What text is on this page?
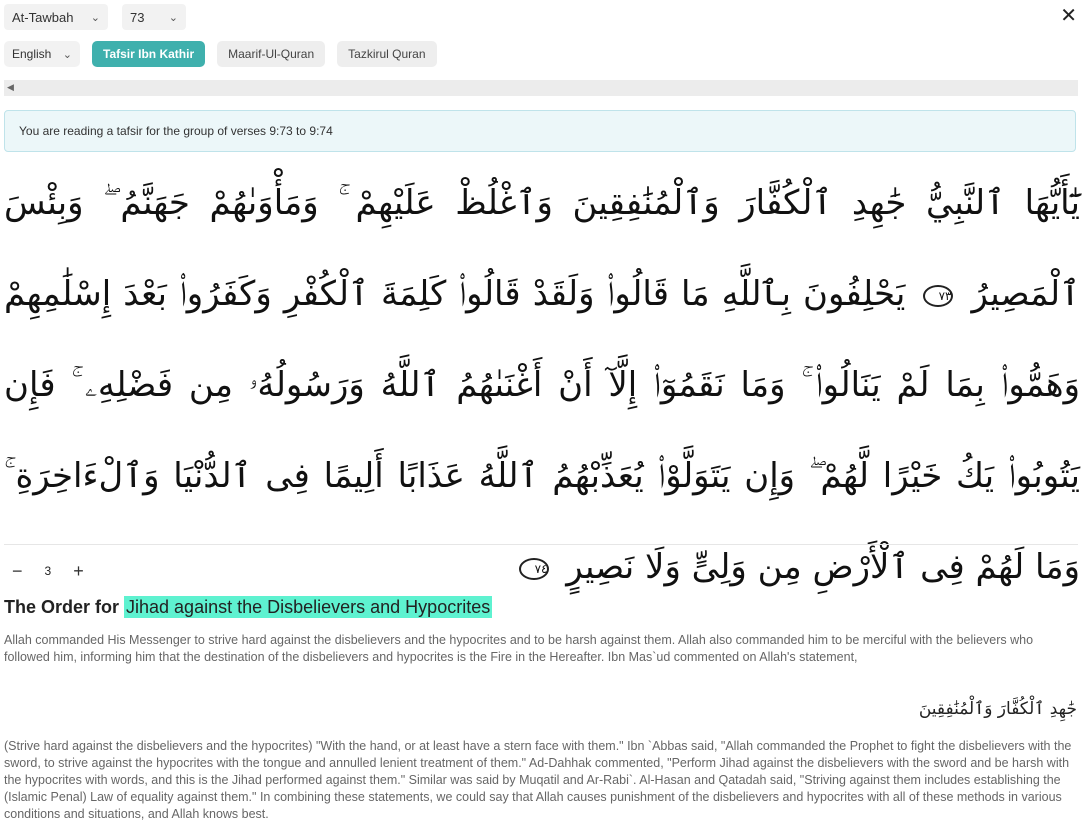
At-Tawbah ⌄ 73 ⌄	✕
English ⌄	Tafsir Ibn Kathir	Maarif-Ul-Quran	Tazkirul Quran
◀
You are reading a tafsir for the group of verses 9:73 to 9:74
يَٰٓأَيُّهَا ٱلنَّبِيُّ جَٰهِدِ ٱلْكُفَّارَ وَٱلْمُنَٰفِقِينَ وَٱغْلُظْ عَلَيْهِمْ ۚ وَمَأْوَىٰهُمْ جَهَنَّمُ ۖ وَبِئْسَ ٱلْمَصِيرُ ٧٣ يَحْلِفُونَ بِٱللَّهِ مَا قَالُوا۟ وَلَقَدْ قَالُوا۟ كَلِمَةَ ٱلْكُفْرِ وَكَفَرُوا۟ بَعْدَ إِسْلَٰمِهِمْ وَهَمُّوا۟ بِمَا لَمْ يَنَالُوا۟ ۚ وَمَا نَقَمُوٓا۟ إِلَّآ أَنْ أَغْنَىٰهُمُ ٱللَّهُ وَرَسُولُهُۥ مِن فَضْلِهِۦ ۚ فَإِن يَتُوبُوا۟ يَكُ خَيْرًا لَّهُمْ ۖ وَإِن يَتَوَلَّوْا۟ يُعَذِّبْهُمُ ٱللَّهُ عَذَابًا أَلِيمًا فِى ٱلدُّنْيَا وَٱلْءَاخِرَةِ ۚ وَمَا لَهُمْ فِى ٱلْأَرْضِ مِن وَلِىٍّ وَلَا نَصِيرٍ ٧٤
− 3 +
The Order for Jihad against the Disbelievers and Hypocrites

Allah commanded His Messenger to strive hard against the disbelievers and the hypocrites and to be harsh against them. Allah also commanded him to be merciful with the believers who followed him, informing him that the destination of the disbelievers and hypocrites is the Fire in the Hereafter. Ibn Mas`ud commented on Allah's statement,

جَٰهِدِ ٱلْكُفَّارَ وَٱلْمُنَٰفِقِينَ

(Strive hard against the disbelievers and the hypocrites) "With the hand, or at least have a stern face with them." Ibn `Abbas said, "Allah commanded the Prophet to fight the disbelievers with the sword, to strive against the hypocrites with the tongue and annulled lenient treatment of them." Ad-Dahhak commented, "Perform Jihad against the disbelievers with the sword and be harsh with the hypocrites with words, and this is the Jihad performed against them." Similar was said by Muqatil and Ar-Rabi`. Al-Hasan and Qatadah said, "Striving against them includes establishing the (Islamic Penal) Law of equality against them." In combining these statements, we could say that Allah causes punishment of the disbelievers and hypocrites with all of these methods in various conditions and situations, and Allah knows best.
